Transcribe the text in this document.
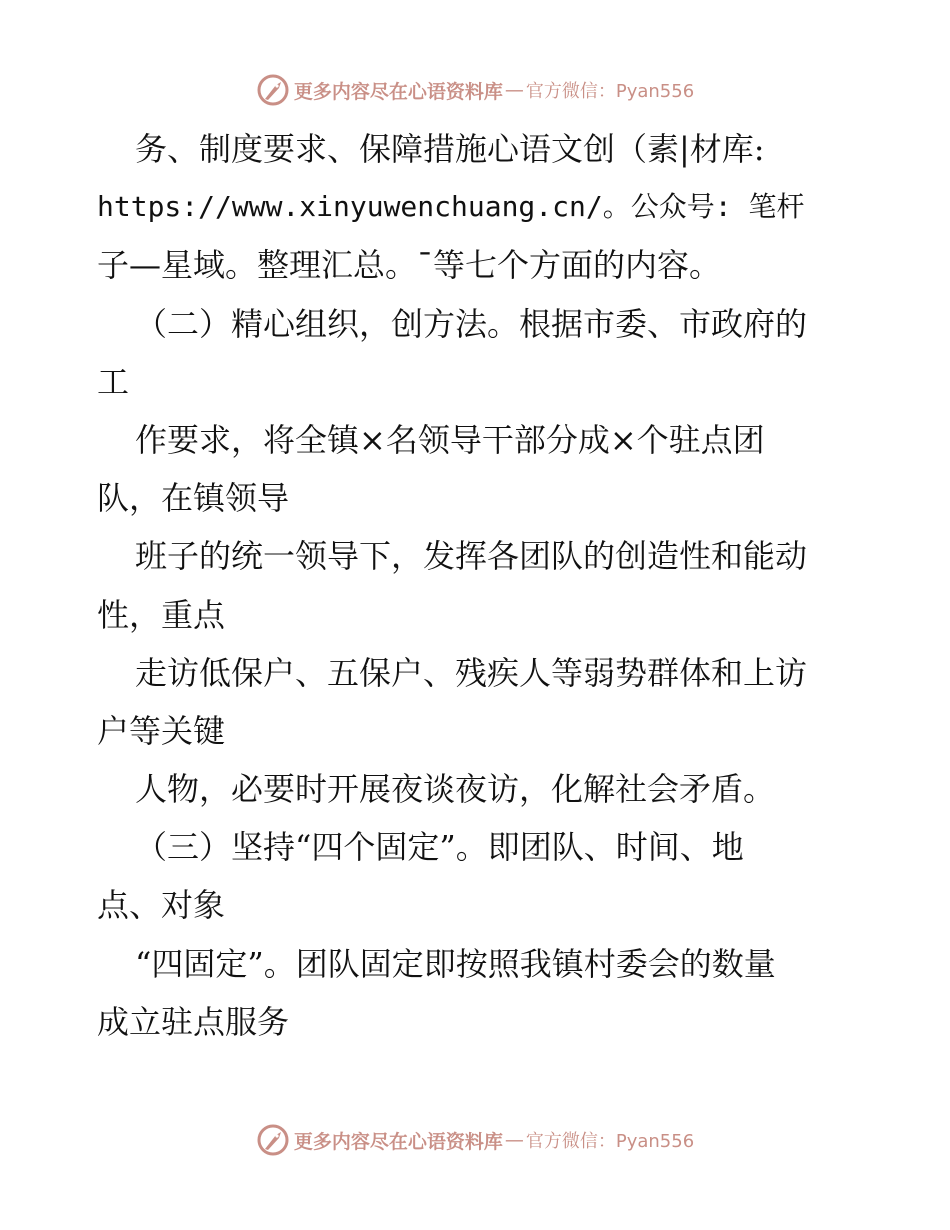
更多内容尽在心语资料库 — 官方微信：Pyan556
务、制度要求、保障措施心语文创（素|材库:
https://www.xinyuwenchuang.cn/。公众号: 笔杆
子—星域。整理汇总。¯等七个方面的内容。
（二）精心组织，创方法。根据市委、市政府的
工
作要求，将全镇×名领导干部分成×个驻点团
队，在镇领导
班子的统一领导下，发挥各团队的创造性和能动
性，重点
走访低保户、五保户、残疾人等弱势群体和上访
户等关键
人物，必要时开展夜谈夜访，化解社会矛盾。
（三）坚持“四个固定”。即团队、时间、地
点、对象
“四固定”。团队固定即按照我镇村委会的数量
成立驻点服务
更多内容尽在心语资料库 — 官方微信：Pyan556
